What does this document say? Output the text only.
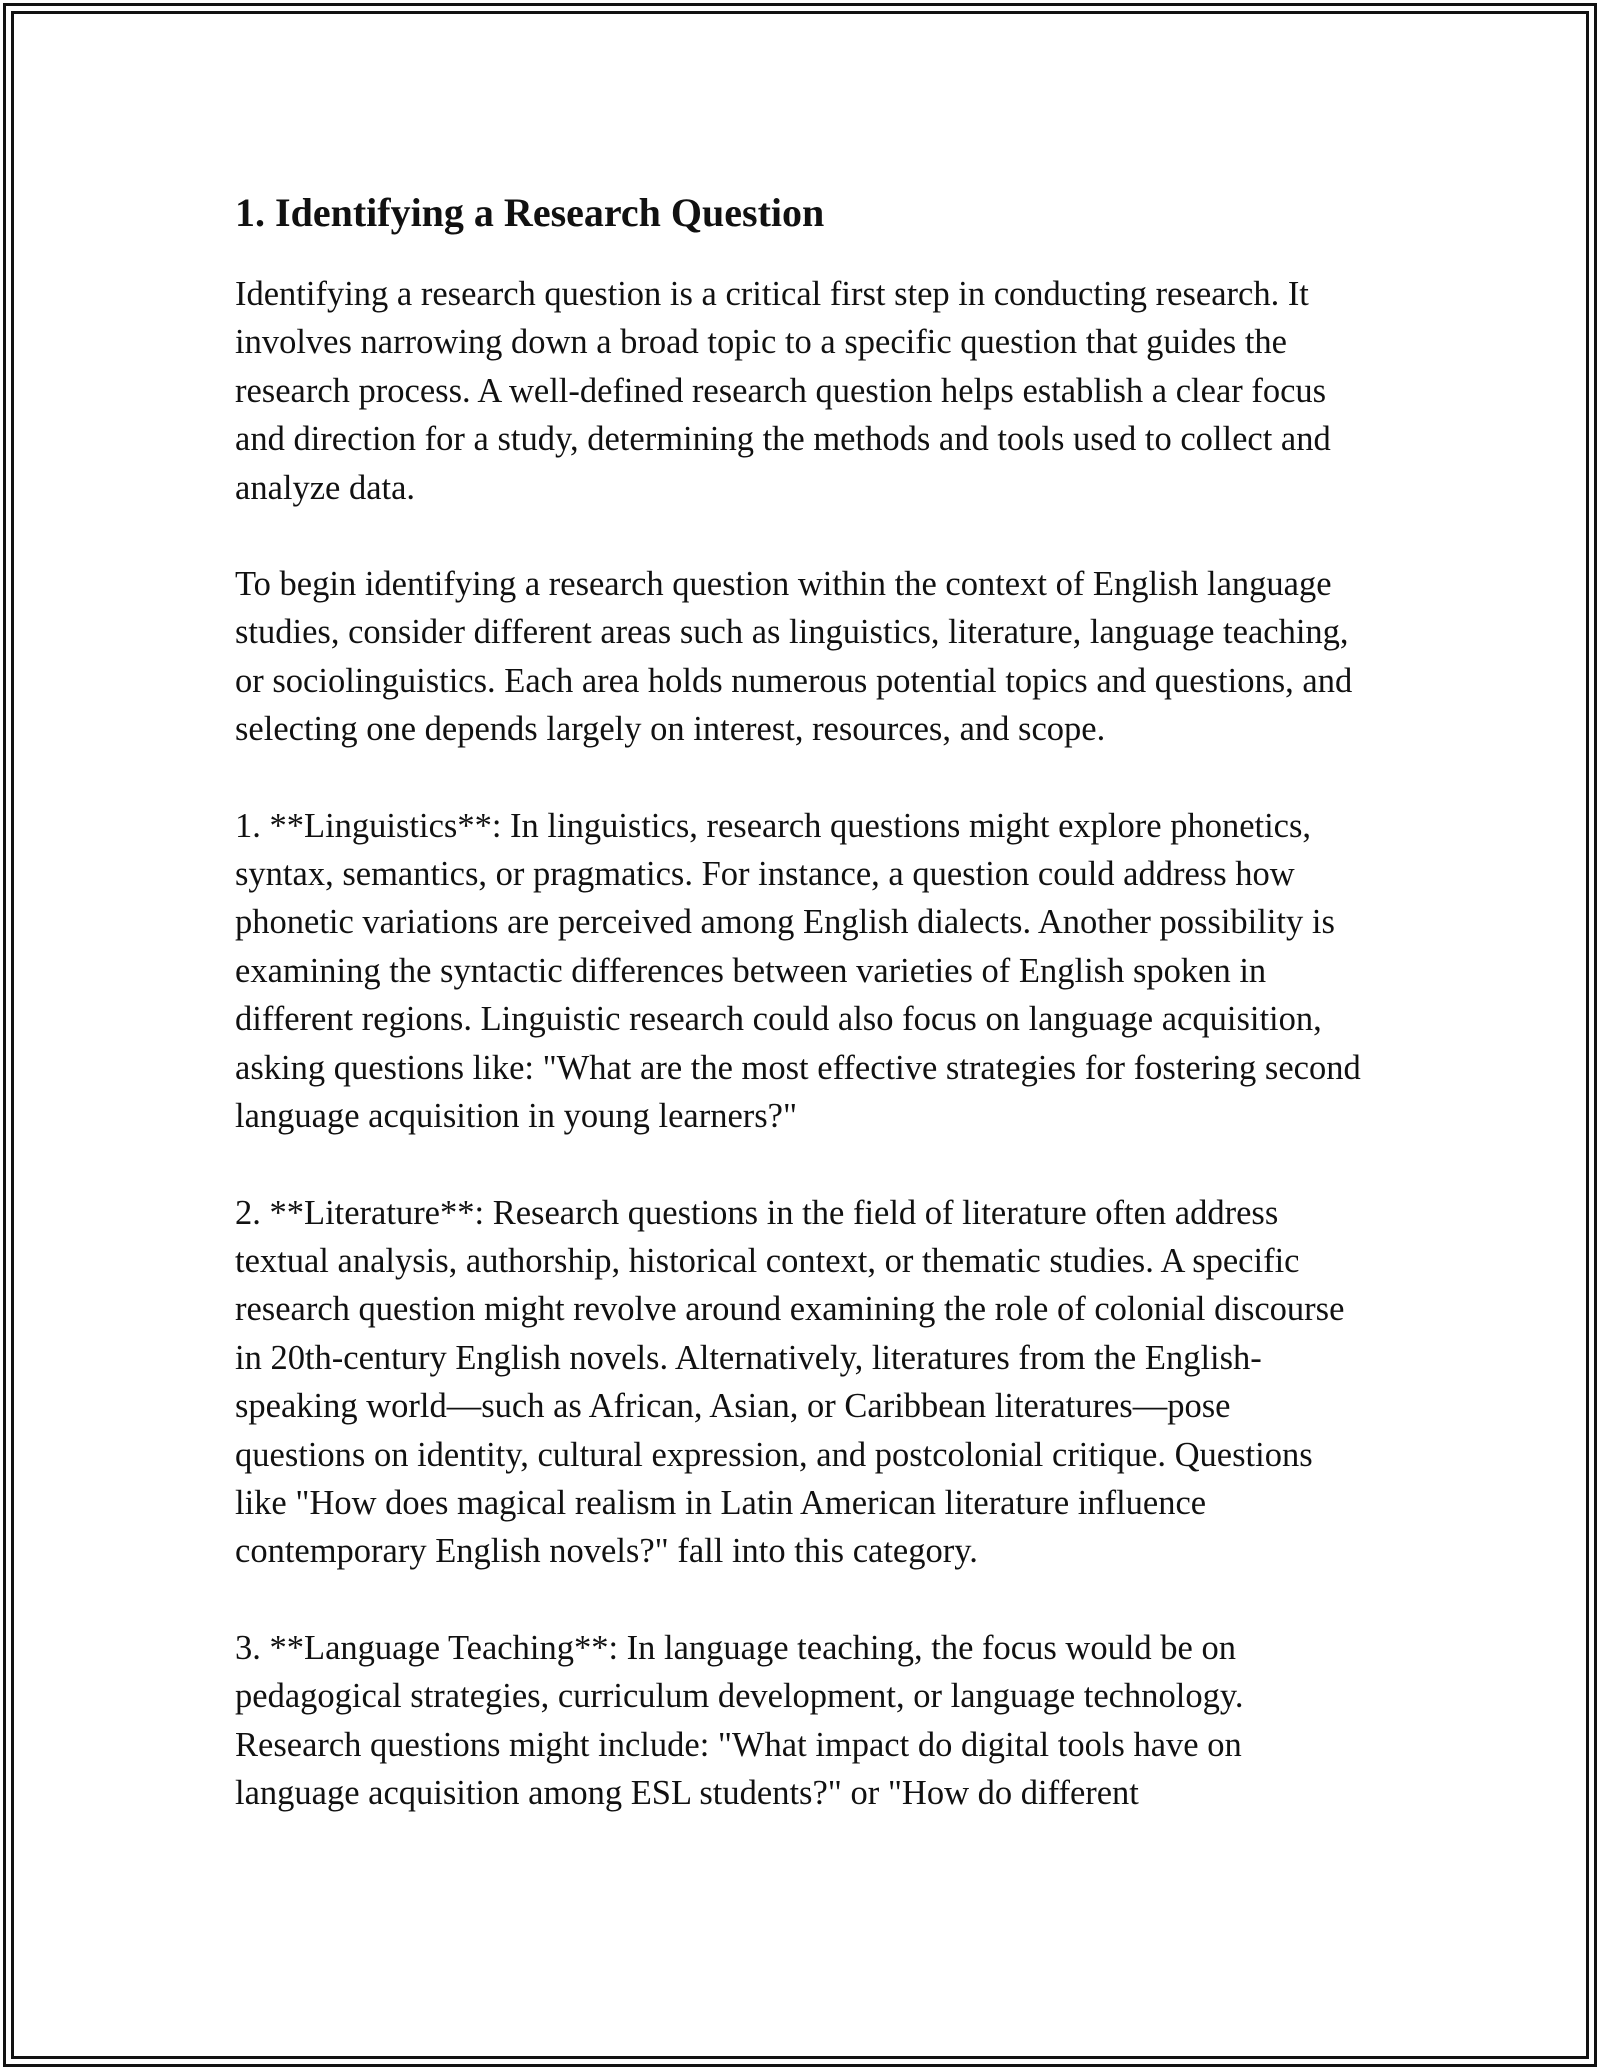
1. Identifying a Research Question

Identifying a research question is a critical first step in conducting research. It involves narrowing down a broad topic to a specific question that guides the research process. A well-defined research question helps establish a clear focus and direction for a study, determining the methods and tools used to collect and analyze data.

To begin identifying a research question within the context of English language studies, consider different areas such as linguistics, literature, language teaching, or sociolinguistics. Each area holds numerous potential topics and questions, and selecting one depends largely on interest, resources, and scope.

1. **Linguistics**: In linguistics, research questions might explore phonetics, syntax, semantics, or pragmatics. For instance, a question could address how phonetic variations are perceived among English dialects. Another possibility is examining the syntactic differences between varieties of English spoken in different regions. Linguistic research could also focus on language acquisition, asking questions like: "What are the most effective strategies for fostering second language acquisition in young learners?"

2. **Literature**: Research questions in the field of literature often address textual analysis, authorship, historical context, or thematic studies. A specific research question might revolve around examining the role of colonial discourse in 20th-century English novels. Alternatively, literatures from the English-speaking world—such as African, Asian, or Caribbean literatures—pose questions on identity, cultural expression, and postcolonial critique. Questions like "How does magical realism in Latin American literature influence contemporary English novels?" fall into this category.

3. **Language Teaching**: In language teaching, the focus would be on pedagogical strategies, curriculum development, or language technology. Research questions might include: "What impact do digital tools have on language acquisition among ESL students?" or "How do different
